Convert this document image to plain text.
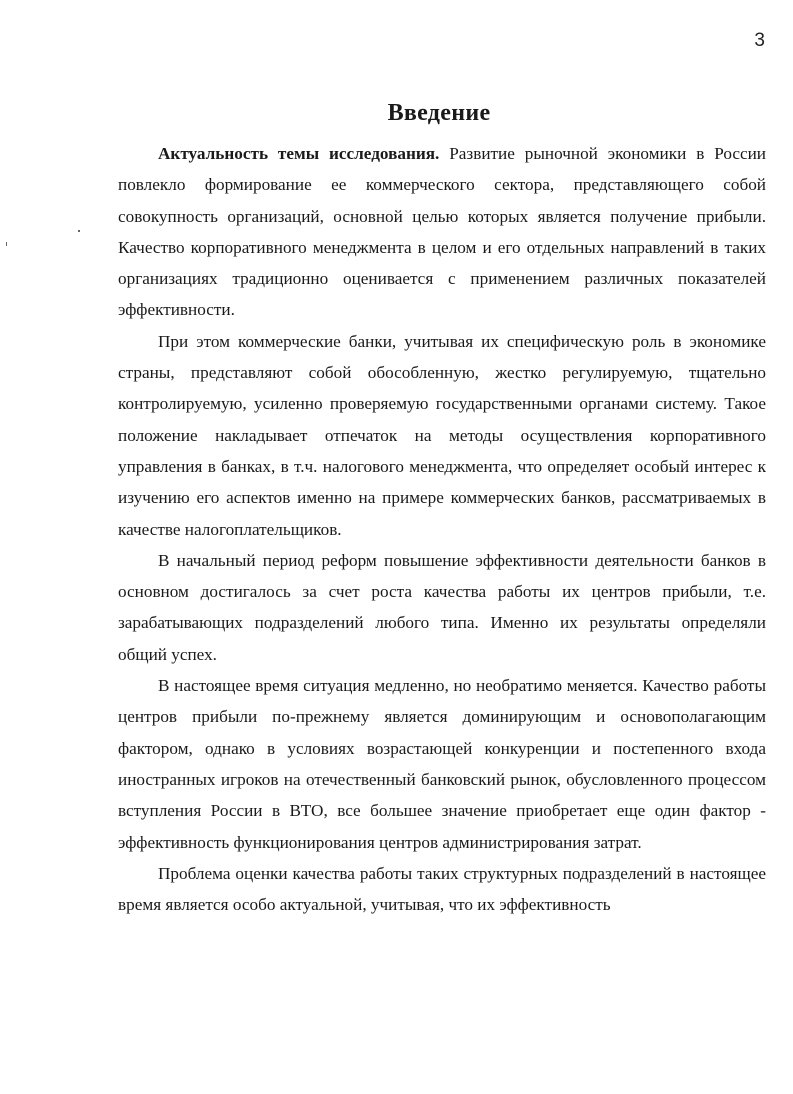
3
Введение

Актуальность темы исследования. Развитие рыночной экономики в России повлекло формирование ее коммерческого сектора, представляющего собой совокупность организаций, основной целью которых является получение прибыли. Качество корпоративного менеджмента в целом и его отдельных направлений в таких организациях традиционно оценивается с применением различных показателей эффективности.

При этом коммерческие банки, учитывая их специфическую роль в экономике страны, представляют собой обособленную, жестко регулируемую, тщательно контролируемую, усиленно проверяемую государственными органами систему. Такое положение накладывает отпечаток на методы осуществления корпоративного управления в банках, в т.ч. налогового менеджмента, что определяет особый интерес к изучению его аспектов именно на примере коммерческих банков, рассматриваемых в качестве налогоплательщиков.

В начальный период реформ повышение эффективности деятельности банков в основном достигалось за счет роста качества работы их центров прибыли, т.е. зарабатывающих подразделений любого типа. Именно их результаты определяли общий успех.

В настоящее время ситуация медленно, но необратимо меняется. Качество работы центров прибыли по-прежнему является доминирующим и основополагающим фактором, однако в условиях возрастающей конкуренции и постепенного входа иностранных игроков на отечественный банковский рынок, обусловленного процессом вступления России в ВТО, все большее значение приобретает еще один фактор - эффективность функционирования центров администрирования затрат.

Проблема оценки качества работы таких структурных подразделений в настоящее время является особо актуальной, учитывая, что их эффективность
